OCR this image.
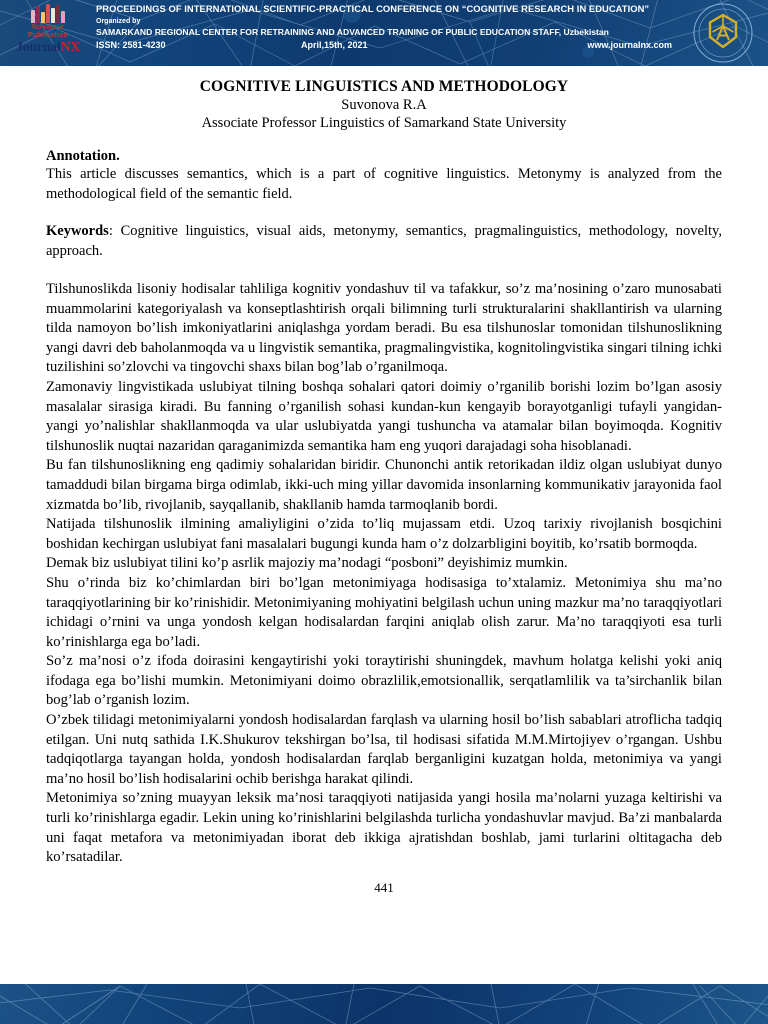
Novateur
Publication
JournalNX
PROCEEDINGS OF INTERNATIONAL SCIENTIFIC-PRACTICAL CONFERENCE ON “COGNITIVE RESEARCH IN EDUCATION”
Organized by
SAMARKAND REGIONAL CENTER FOR RETRAINING AND ADVANCED TRAINING OF PUBLIC EDUCATION STAFF, Uzbekistan
ISSN: 2581-4230	April,15th, 2021	www.journalnx.com
COGNITIVE LINGUISTICS AND METHODOLOGY
Suvonova R.A
Associate Professor Linguistics of Samarkand State University
Annotation.
This article discusses semantics, which is a part of cognitive linguistics. Metonymy is analyzed from the methodological field of the semantic field.
Keywords: Cognitive linguistics, visual aids, metonymy, semantics, pragmalinguistics, methodology, novelty, approach.

Tilshunoslikda lisoniy hodisalar tahliliga kognitiv yondashuv til va tafakkur, so’z ma’nosining o’zaro munosabati muammolarini kategoriyalash va konseptlashtirish orqali bilimning turli strukturalarini shakllantirish va ularning tilda namoyon bo’lish imkoniyatlarini aniqlashga yordam beradi. Bu esa tilshunoslar tomonidan tilshunoslikning yangi davri deb baholanmoqda va u lingvistik semantika, pragmalingvistika, kognitolingvistika singari tilning ichki tuzilishini so’zlovchi va tingovchi shaxs bilan bog’lab o’rganilmoqa.

Zamonaviy lingvistikada uslubiyat tilning boshqa sohalari qatori doimiy o’rganilib borishi lozim bo’lgan asosiy masalalar sirasiga kiradi. Bu fanning o’rganilish sohasi kundan-kun kengayib borayotganligi tufayli yangidan- yangi yo’nalishlar shakllanmoqda va ular uslubiyatda yangi tushuncha va atamalar bilan boyimoqda. Kognitiv tilshunoslik nuqtai nazaridan qaraganimizda semantika ham eng yuqori darajadagi soha hisoblanadi.

Bu fan tilshunoslikning eng qadimiy sohalaridan biridir. Chunonchi antik retorikadan ildiz olgan uslubiyat dunyo tamaddudi bilan birgama birga odimlab, ikki-uch ming yillar davomida insonlarning kommunikativ jarayonida faol xizmatda bo’lib, rivojlanib, sayqallanib, shakllanib hamda tarmoqlanib bordi.

Natijada tilshunoslik ilmining amaliyligini o’zida to’liq mujassam etdi. Uzoq tarixiy rivojlanish bosqichini boshidan kechirgan uslubiyat fani masalalari bugungi kunda ham o’z dolzarbligini boyitib, ko’rsatib bormoqda.

Demak biz uslubiyat tilini ko’p asrlik majoziy ma’nodagi “posboni” deyishimiz mumkin.

Shu o’rinda biz ko’chimlardan biri bo’lgan metonimiyaga hodisasiga to’xtalamiz. Metonimiya shu ma’no taraqqiyotlarining bir ko’rinishidir. Metonimiyaning mohiyatini belgilash uchun uning mazkur ma’no taraqqiyotlari ichidagi o’rnini va unga yondosh kelgan hodisalardan farqini aniqlab olish zarur. Ma’no taraqqiyoti esa turli ko’rinishlarga ega bo’ladi.

So’z ma’nosi o’z ifoda doirasini kengaytirishi yoki toraytirishi shuningdek, mavhum holatga kelishi yoki aniq ifodaga ega bo’lishi mumkin. Metonimiyani doimo obrazlilik,emotsionallik, serqatlamlilik va ta’sirchanlik bilan bog’lab o’rganish lozim.

O’zbek tilidagi metonimiyalarni yondosh hodisalardan farqlash va ularning hosil bo’lish sabablari atroflicha tadqiq etilgan. Uni nutq sathida I.K.Shukurov tekshirgan bo’lsa, til hodisasi sifatida M.M.Mirtojiyev o’rgangan. Ushbu tadqiqotlarga tayangan holda, yondosh hodisalardan farqlab berganligini kuzatgan holda, metonimiya va yangi ma’no hosil bo’lish hodisalarini ochib berishga harakat qilindi.

Metonimiya so’zning muayyan leksik ma’nosi taraqqiyoti natijasida yangi hosila ma’nolarni yuzaga keltirishi va turli ko’rinishlarga egadir. Lekin uning ko’rinishlarini belgilashda turlicha yondashuvlar mavjud. Ba’zi manbalarda uni faqat metafora va metonimiyadan iborat deb ikkiga ajratishdan boshlab, jami turlarini oltitagacha deb ko’rsatadilar.

441
